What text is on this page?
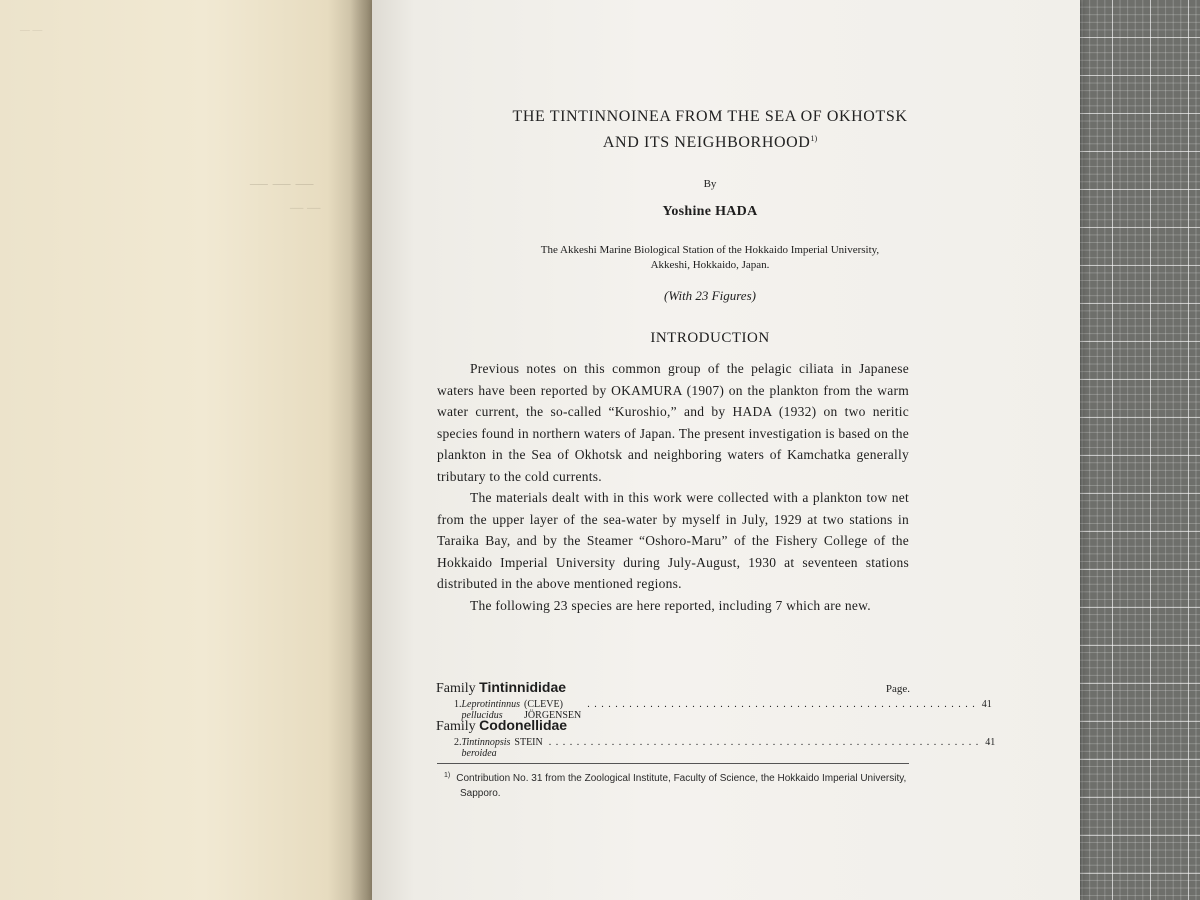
— —
— — —
— —
THE TINTINNOINEA FROM THE SEA OF OKHOTSK
AND ITS NEIGHBORHOOD$^{1)}$
By
Yoshine HADA
The Akkeshi Marine Biological Station of the Hokkaido Imperial University,
Akkeshi, Hokkaido, Japan.
(With 23 Figures)
INTRODUCTION

Previous notes on this common group of the pelagic ciliata in Japanese waters have been reported by OKAMURA (1907) on the plankton from the warm water current, the so-called “Kuroshio,” and by HADA (1932) on two neritic species found in northern waters of Japan. The present investigation is based on the plankton in the Sea of Okhotsk and neighboring waters of Kamchatka generally tributary to the cold currents.

The materials dealt with in this work were collected with a plankton tow net from the upper layer of the sea-water by myself in July, 1929 at two stations in Taraika Bay, and by the Steamer “Oshoro-Maru” of the Fishery College of the Hokkaido Imperial University during July-August, 1930 at seventeen stations distributed in the above mentioned regions.

The following 23 species are here reported, including 7 which are new.

Family Tintinnididae	Page.
1. Leprotintinnus pellucidus
(CLEVE) JÖRGENSEN
. . . . . . . . . . . . . . . . . . . . . . . . . . . . . . . . . . . . . . . . . . . . . . . . . . . . . . . . 41
Family Codonellidae
2. Tintinnopsis beroidea
STEIN . . . . . . . . . . . . . . . . . . . . . . . . . . . . . . . . . . . . . . . . . . . . . . . . . . . . . . . . . . . . . . 41
$^{1)}$ Contribution No. 31 from the Zoological Institute, Faculty of Science, the Hokkaido Imperial University, Sapporo.
